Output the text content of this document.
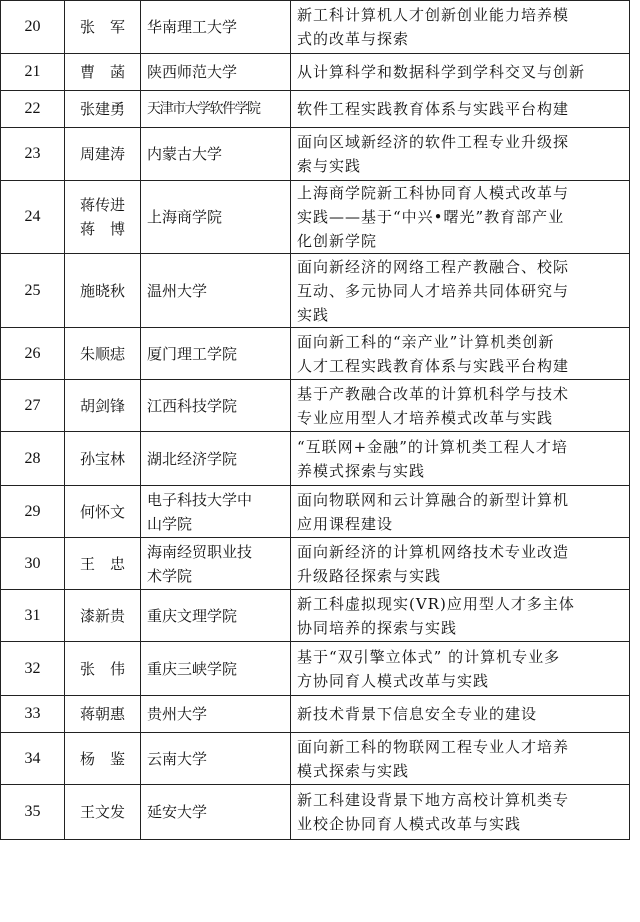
20	张　军	华南理工大学	新工科计算机人才创新创业能力培养模
式的改革与探索

21	曹　菡	陕西师范大学	从计算科学和数据科学到学科交叉与创新

22	张建勇	天津市大学软件学院	软件工程实践教育体系与实践平台构建

23	周建涛	内蒙古大学	面向区域新经济的软件工程专业升级探
索与实践

24	蒋传进
蒋　博	上海商学院	上海商学院新工科协同育人模式改革与
实践——基于“中兴•曙光”教育部产业
化创新学院

25	施晓秋	温州大学	面向新经济的网络工程产教融合、校际
互动、多元协同人才培养共同体研究与
实践

26	朱顺痣	厦门理工学院	面向新工科的“亲产业”计算机类创新
人才工程实践教育体系与实践平台构建

27	胡剑锋	江西科技学院	基于产教融合改革的计算机科学与技术
专业应用型人才培养模式改革与实践

28	孙宝林	湖北经济学院	“互联网+金融”的计算机类工程人才培
养模式探索与实践

29	何怀文	电子科技大学中
山学院	面向物联网和云计算融合的新型计算机
应用课程建设

30	王　忠	海南经贸职业技
术学院	面向新经济的计算机网络技术专业改造
升级路径探索与实践

31	漆新贵	重庆文理学院	新工科虚拟现实(VR)应用型人才多主体
协同培养的探索与实践

32	张　伟	重庆三峡学院	基于“双引擎立体式” 的计算机专业多
方协同育人模式改革与实践

33	蒋朝惠	贵州大学	新技术背景下信息安全专业的建设

34	杨　鉴	云南大学	面向新工科的物联网工程专业人才培养
模式探索与实践

35	王文发	延安大学	新工科建设背景下地方高校计算机类专
业校企协同育人模式改革与实践
